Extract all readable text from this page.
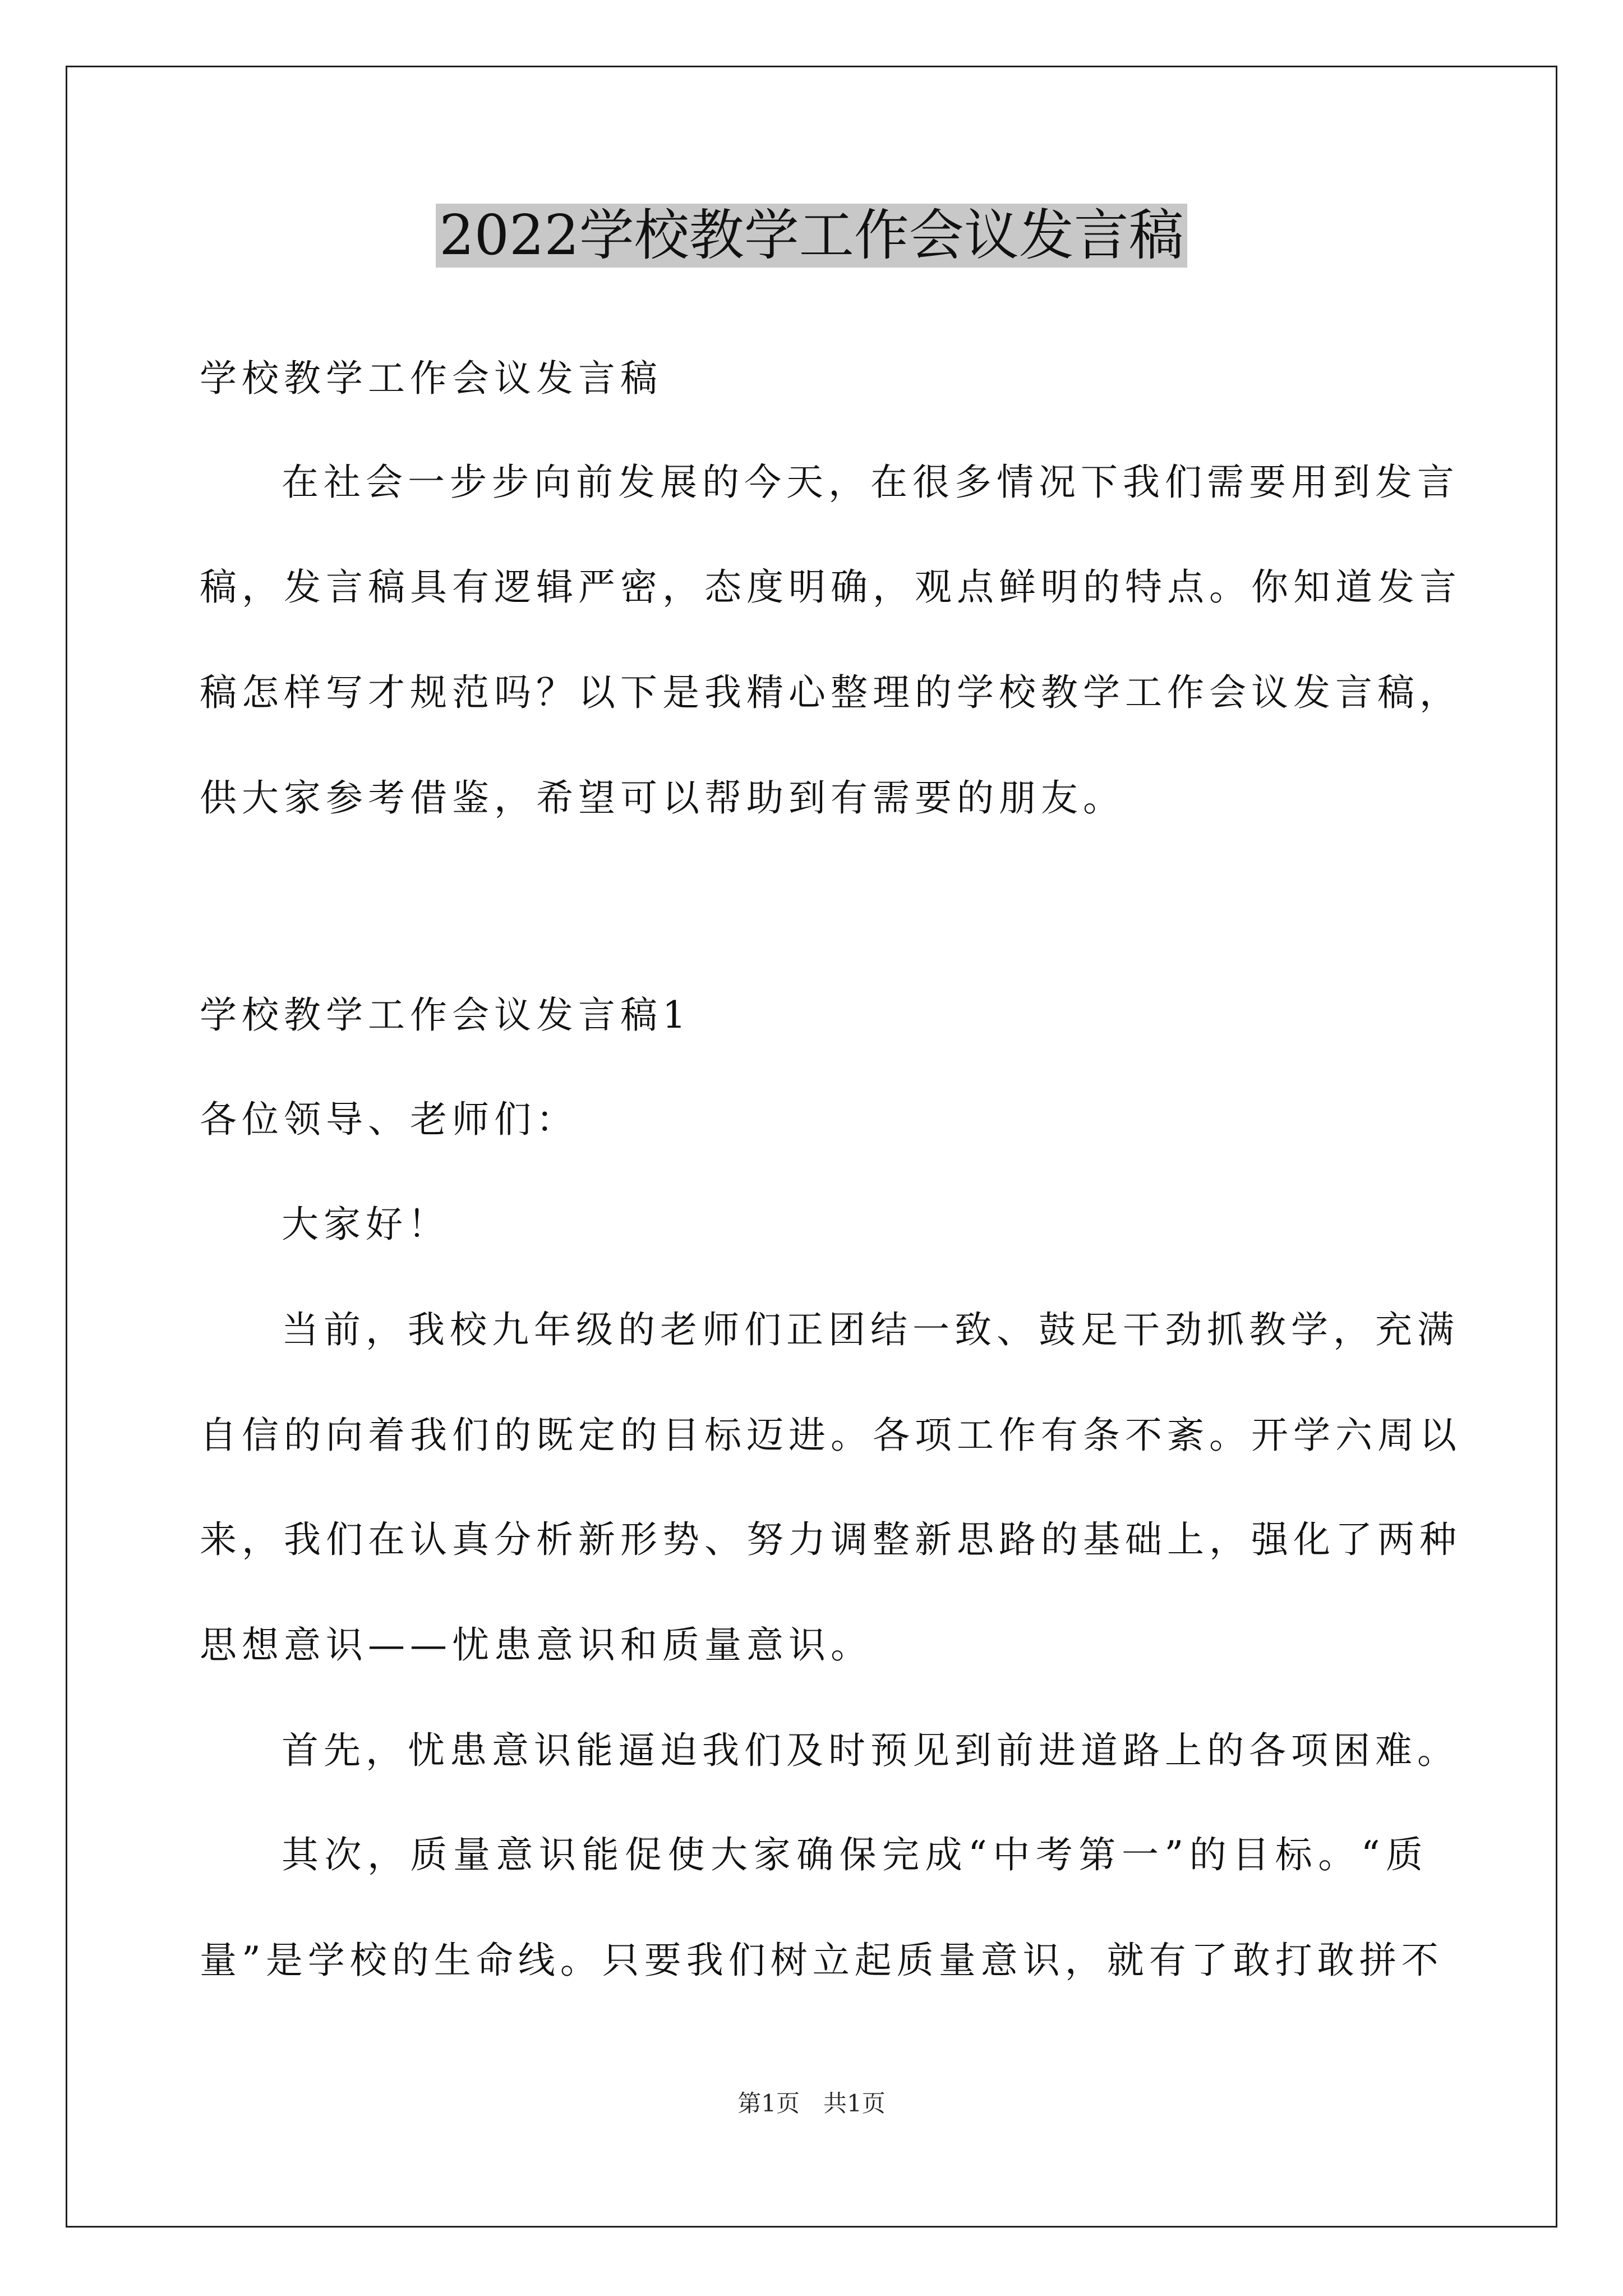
2022学校教学工作会议发言稿
学校教学工作会议发言稿
在社会一步步向前发展的今天，在很多情况下我们需要用到发言
稿，发言稿具有逻辑严密，态度明确，观点鲜明的特点。你知道发言
稿怎样写才规范吗？以下是我精心整理的学校教学工作会议发言稿，
供大家参考借鉴，希望可以帮助到有需要的朋友。
学校教学工作会议发言稿1
各位领导、老师们：
大家好！
当前，我校九年级的老师们正团结一致、鼓足干劲抓教学，充满
自信的向着我们的既定的目标迈进。各项工作有条不紊。开学六周以
来，我们在认真分析新形势、努力调整新思路的基础上，强化了两种
思想意识——忧患意识和质量意识。
首先，忧患意识能逼迫我们及时预见到前进道路上的各项困难。
其次，质量意识能促使大家确保完成“中考第一”的目标。“质
量”是学校的生命线。只要我们树立起质量意识，就有了敢打敢拼不
第1页　共1页
